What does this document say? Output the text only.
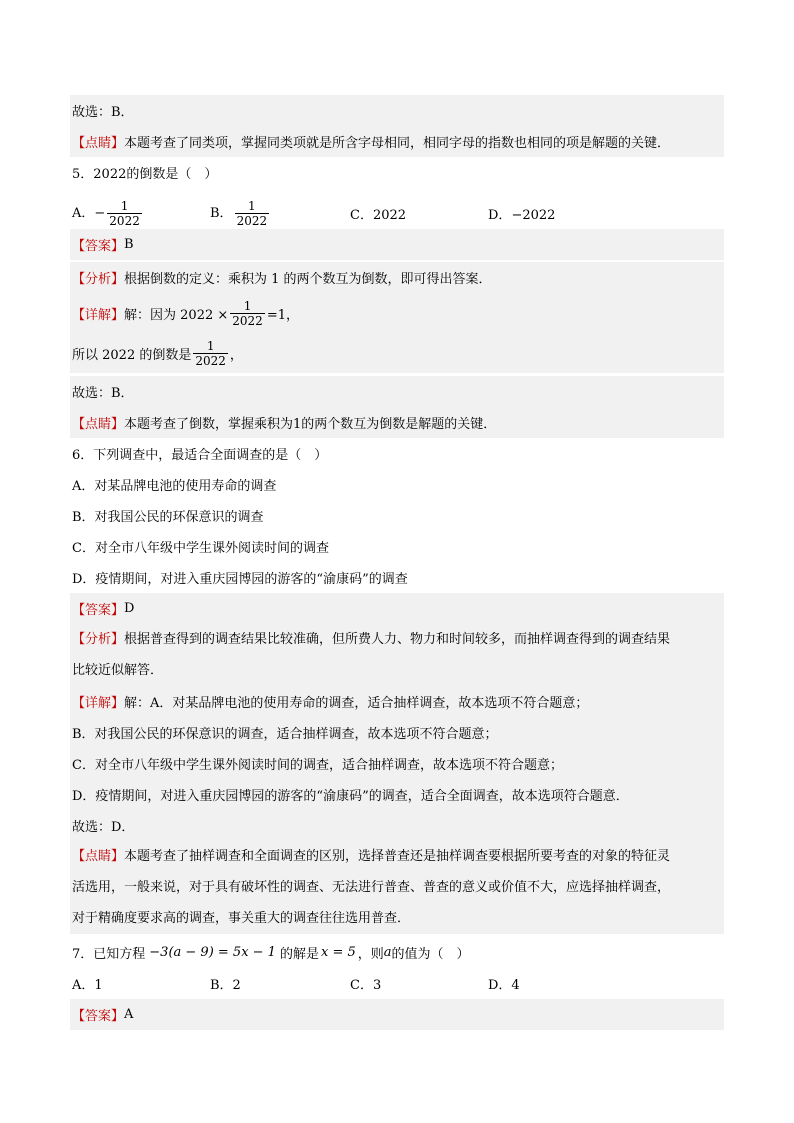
故选：B．
【点睛】 本题考查了同类项，掌握同类项就是所含字母相同，相同字母的指数也相同的项是解题的关键．
5．2022的倒数是（　）
A．− $\frac{1}{2022}$	B． $\frac{1}{2022}$	C．2022	D．−2022
【答案】 B
【分析】 根据倒数的定义：乘积为 1 的两个数互为倒数，即可得出答案．
【详解】 解：因为 $2022 \times \frac{1}{2022} =1$，
所以 2022 的倒数是 $\frac{1}{2022}$ ，
故选：B．
【点睛】 本题考查了倒数，掌握乘积为1的两个数互为倒数是解题的关键．
6．下列调查中，最适合全面调查的是（　）
A．对某品牌电池的使用寿命的调查
B．对我国公民的环保意识的调查
C．对全市八年级中学生课外阅读时间的调查
D．疫情期间，对进入重庆园博园的游客的“渝康码”的调查
【答案】 D
【分析】根据普查得到的调查结果比较准确，但所费人力、物力和时间较多，而抽样调查得到的调查结果
比较近似解答．
【详解】 解：A．对某品牌电池的使用寿命的调查，适合抽样调查，故本选项不符合题意；
B．对我国公民的环保意识的调查，适合抽样调查，故本选项不符合题意；
C．对全市八年级中学生课外阅读时间的调查，适合抽样调查，故本选项不符合题意；
D．疫情期间，对进入重庆园博园的游客的“渝康码”的调查，适合全面调查，故本选项符合题意．
故选：D．
【点睛】本题考查了抽样调查和全面调查的区别，选择普查还是抽样调查要根据所要考查的对象的特征灵
活选用，一般来说，对于具有破坏性的调查、无法进行普查、普查的意义或价值不大，应选择抽样调查，
对于精确度要求高的调查，事关重大的调查往往选用普查．
7．已知方程 −3(a − 9) = 5x − 1 的解是 x = 5 ，则 a 的值为（　）
A．1	B．2	C．3	D．4
【答案】 A
